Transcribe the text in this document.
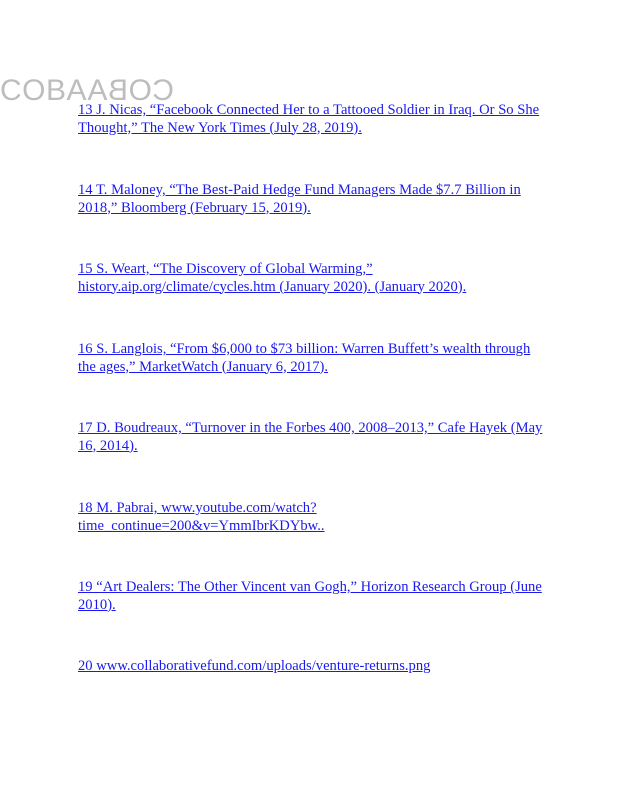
COBACOBA
13 J. Nicas, “Facebook Connected Her to a Tattooed Soldier in Iraq. Or So She Thought,” The New York Times (July 28, 2019).
14 T. Maloney, “The Best-Paid Hedge Fund Managers Made $7.7 Billion in 2018,” Bloomberg (February 15, 2019).
15 S. Weart, “The Discovery of Global Warming,” history.aip.org/climate/cycles.htm (January 2020). (January 2020).
16 S. Langlois, “From $6,000 to $73 billion: Warren Buffett’s wealth through the ages,” MarketWatch (January 6, 2017).
17 D. Boudreaux, “Turnover in the Forbes 400, 2008–2013,” Cafe Hayek (May 16, 2014).
18 M. Pabrai, www.youtube.com/watch?time_continue=200&v=YmmIbrKDYbw..
19 “Art Dealers: The Other Vincent van Gogh,” Horizon Research Group (June 2010).
20 www.collaborativefund.com/uploads/venture-returns.png
